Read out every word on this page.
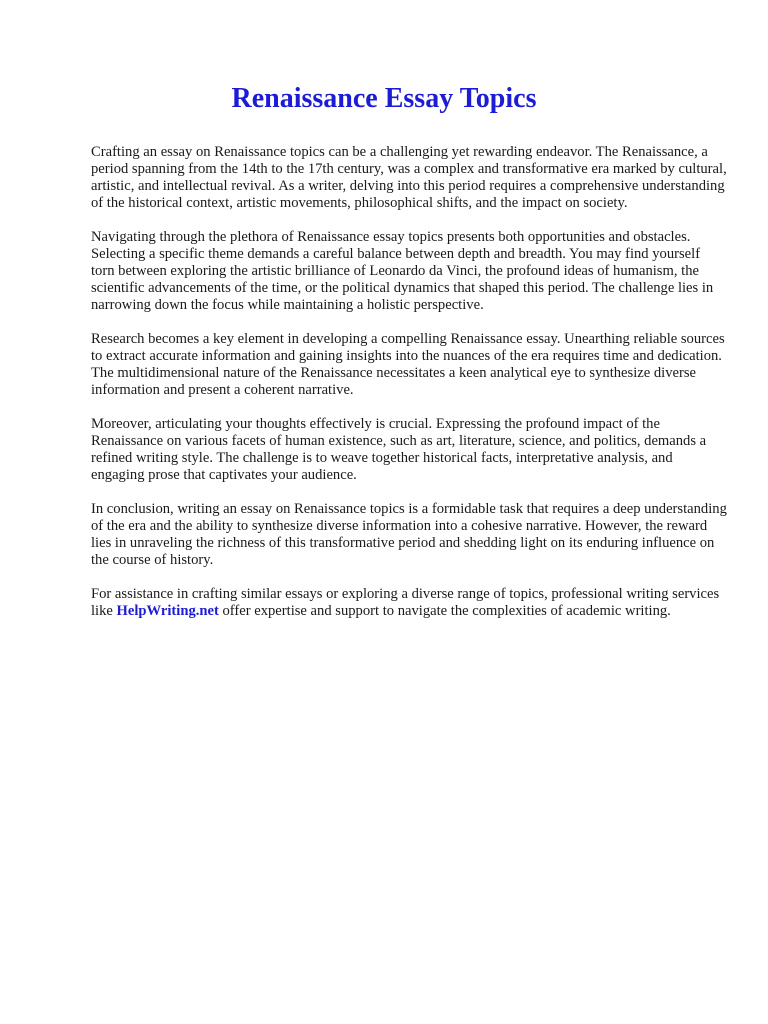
Renaissance Essay Topics

Crafting an essay on Renaissance topics can be a challenging yet rewarding endeavor. The Renaissance, a period spanning from the 14th to the 17th century, was a complex and transformative era marked by cultural, artistic, and intellectual revival. As a writer, delving into this period requires a comprehensive understanding of the historical context, artistic movements, philosophical shifts, and the impact on society.

Navigating through the plethora of Renaissance essay topics presents both opportunities and obstacles. Selecting a specific theme demands a careful balance between depth and breadth. You may find yourself torn between exploring the artistic brilliance of Leonardo da Vinci, the profound ideas of humanism, the scientific advancements of the time, or the political dynamics that shaped this period. The challenge lies in narrowing down the focus while maintaining a holistic perspective.

Research becomes a key element in developing a compelling Renaissance essay. Unearthing reliable sources to extract accurate information and gaining insights into the nuances of the era requires time and dedication. The multidimensional nature of the Renaissance necessitates a keen analytical eye to synthesize diverse information and present a coherent narrative.

Moreover, articulating your thoughts effectively is crucial. Expressing the profound impact of the Renaissance on various facets of human existence, such as art, literature, science, and politics, demands a refined writing style. The challenge is to weave together historical facts, interpretative analysis, and engaging prose that captivates your audience.

In conclusion, writing an essay on Renaissance topics is a formidable task that requires a deep understanding of the era and the ability to synthesize diverse information into a cohesive narrative. However, the reward lies in unraveling the richness of this transformative period and shedding light on its enduring influence on the course of history.

For assistance in crafting similar essays or exploring a diverse range of topics, professional writing services like HelpWriting.net offer expertise and support to navigate the complexities of academic writing.
